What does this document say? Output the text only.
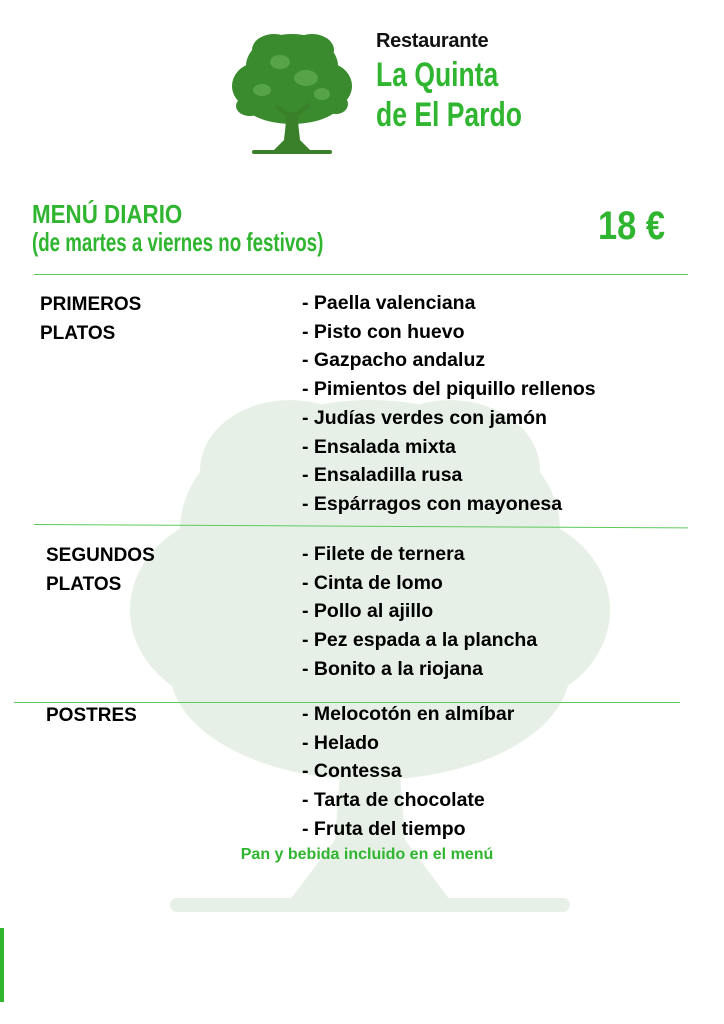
Restaurante
La Quinta
de El Pardo
MENÚ DIARIO
(de martes a viernes no festivos)	18 €
PRIMEROS
PLATOS
- Paella valenciana
- Pisto con huevo
- Gazpacho andaluz
- Pimientos del piquillo rellenos
- Judías verdes con jamón
- Ensalada mixta
- Ensaladilla rusa
- Espárragos con mayonesa
SEGUNDOS
PLATOS
- Filete de ternera
- Cinta de lomo
- Pollo al ajillo
- Pez espada a la plancha
- Bonito a la riojana
POSTRES	- Melocotón en almíbar
- Helado
- Contessa
- Tarta de chocolate
- Fruta del tiempo
Pan y bebida incluido en el menú
